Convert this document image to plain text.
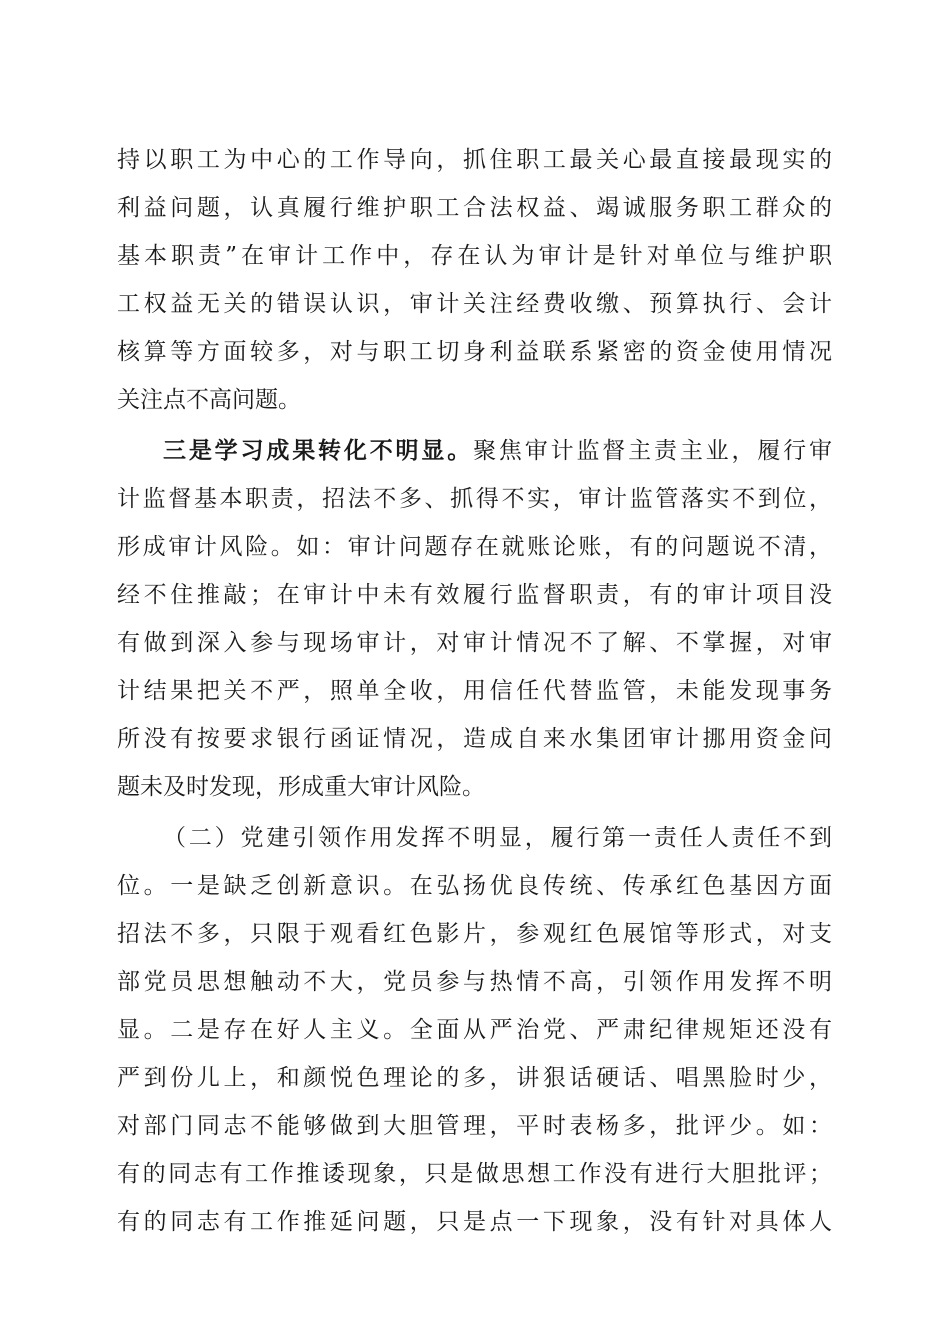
持以职工为中心的工作导向，抓住职工最关心最直接最现实的
利益问题，认真履行维护职工合法权益、竭诚服务职工群众的
基本职责”在审计工作中，存在认为审计是针对单位与维护职
工权益无关的错误认识，审计关注经费收缴、预算执行、会计
核算等方面较多，对与职工切身利益联系紧密的资金使用情况
关注点不高问题。
三是学习成果转化不明显。聚焦审计监督主责主业，履行审
计监督基本职责，招法不多、抓得不实，审计监管落实不到位，
形成审计风险。如：审计问题存在就账论账，有的问题说不清，
经不住推敲；在审计中未有效履行监督职责，有的审计项目没
有做到深入参与现场审计，对审计情况不了解、不掌握，对审
计结果把关不严，照单全收，用信任代替监管，未能发现事务
所没有按要求银行函证情况，造成自来水集团审计挪用资金问
题未及时发现，形成重大审计风险。
（二）党建引领作用发挥不明显，履行第一责任人责任不到
位。一是缺乏创新意识。在弘扬优良传统、传承红色基因方面
招法不多，只限于观看红色影片，参观红色展馆等形式，对支
部党员思想触动不大，党员参与热情不高，引领作用发挥不明
显。二是存在好人主义。全面从严治党、严肃纪律规矩还没有
严到份儿上，和颜悦色理论的多，讲狠话硬话、唱黑脸时少，
对部门同志不能够做到大胆管理，平时表杨多，批评少。如：
有的同志有工作推诿现象，只是做思想工作没有进行大胆批评；
有的同志有工作推延问题，只是点一下现象，没有针对具体人
